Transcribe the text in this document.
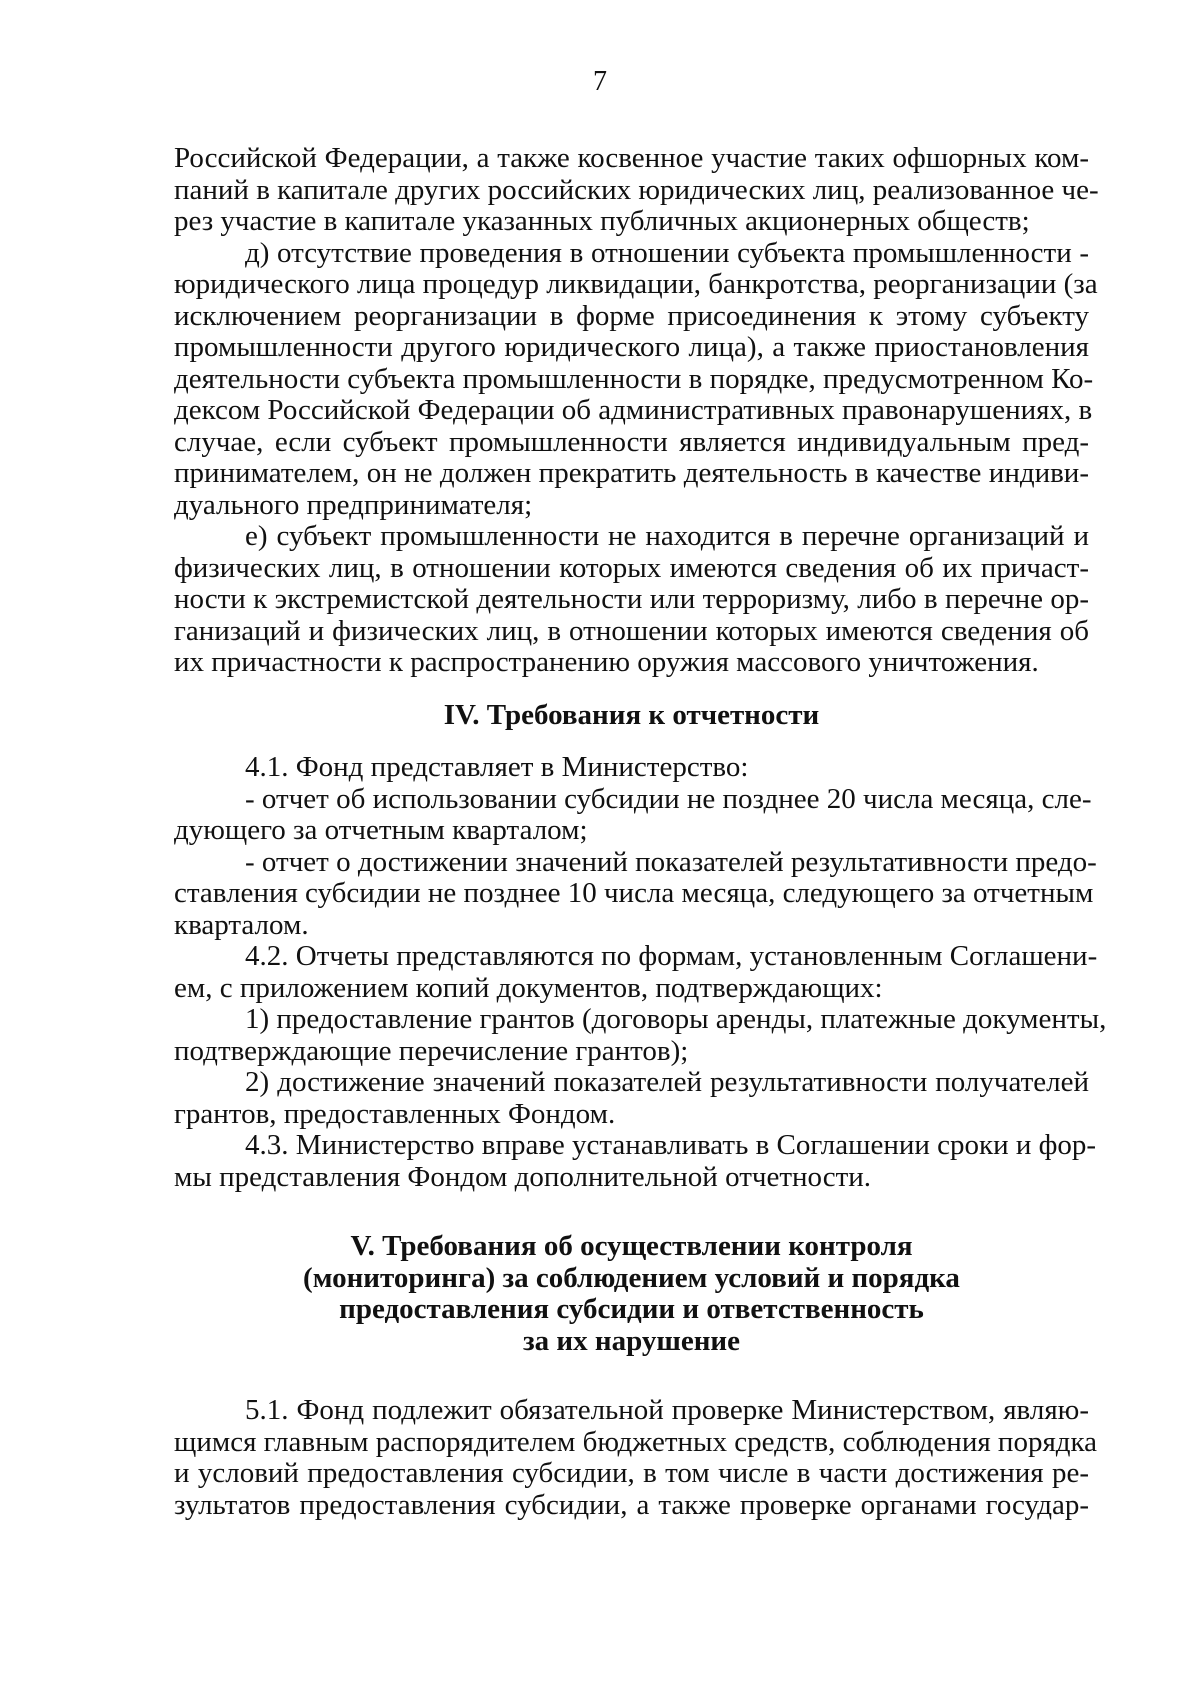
7
Российской Федерации, а также косвенное участие таких офшорных ком-
паний в капитале других российских юридических лиц, реализованное че-
рез участие в капитале указанных публичных акционерных обществ;
д) отсутствие проведения в отношении субъекта промышленности -
юридического лица процедур ликвидации, банкротства, реорганизации (за
исключением реорганизации в форме присоединения к этому субъекту
промышленности другого юридического лица), а также приостановления
деятельности субъекта промышленности в порядке, предусмотренном Ко-
дексом Российской Федерации об административных правонарушениях, в
случае, если субъект промышленности является индивидуальным пред-
принимателем, он не должен прекратить деятельность в качестве индиви-
дуального предпринимателя;
е) субъект промышленности не находится в перечне организаций и
физических лиц, в отношении которых имеются сведения об их причаст-
ности к экстремистской деятельности или терроризму, либо в перечне ор-
ганизаций и физических лиц, в отношении которых имеются сведения об
их причастности к распространению оружия массового уничтожения.
IV. Требования к отчетности
4.1. Фонд представляет в Министерство:
- отчет об использовании субсидии не позднее 20 числа месяца, сле-
дующего за отчетным кварталом;
- отчет о достижении значений показателей результативности предо-
ставления субсидии не позднее 10 числа месяца, следующего за отчетным
кварталом.
4.2. Отчеты представляются по формам, установленным Соглашени-
ем, с приложением копий документов, подтверждающих:
1) предоставление грантов (договоры аренды, платежные документы,
подтверждающие перечисление грантов);
2) достижение значений показателей результативности получателей
грантов, предоставленных Фондом.
4.3. Министерство вправе устанавливать в Соглашении сроки и фор-
мы представления Фондом дополнительной отчетности.
V. Требования об осуществлении контроля
(мониторинга) за соблюдением условий и порядка
предоставления субсидии и ответственность
за их нарушение
5.1. Фонд подлежит обязательной проверке Министерством, являю-
щимся главным распорядителем бюджетных средств, соблюдения порядка
и условий предоставления субсидии, в том числе в части достижения ре-
зультатов предоставления субсидии, а также проверке органами государ-
